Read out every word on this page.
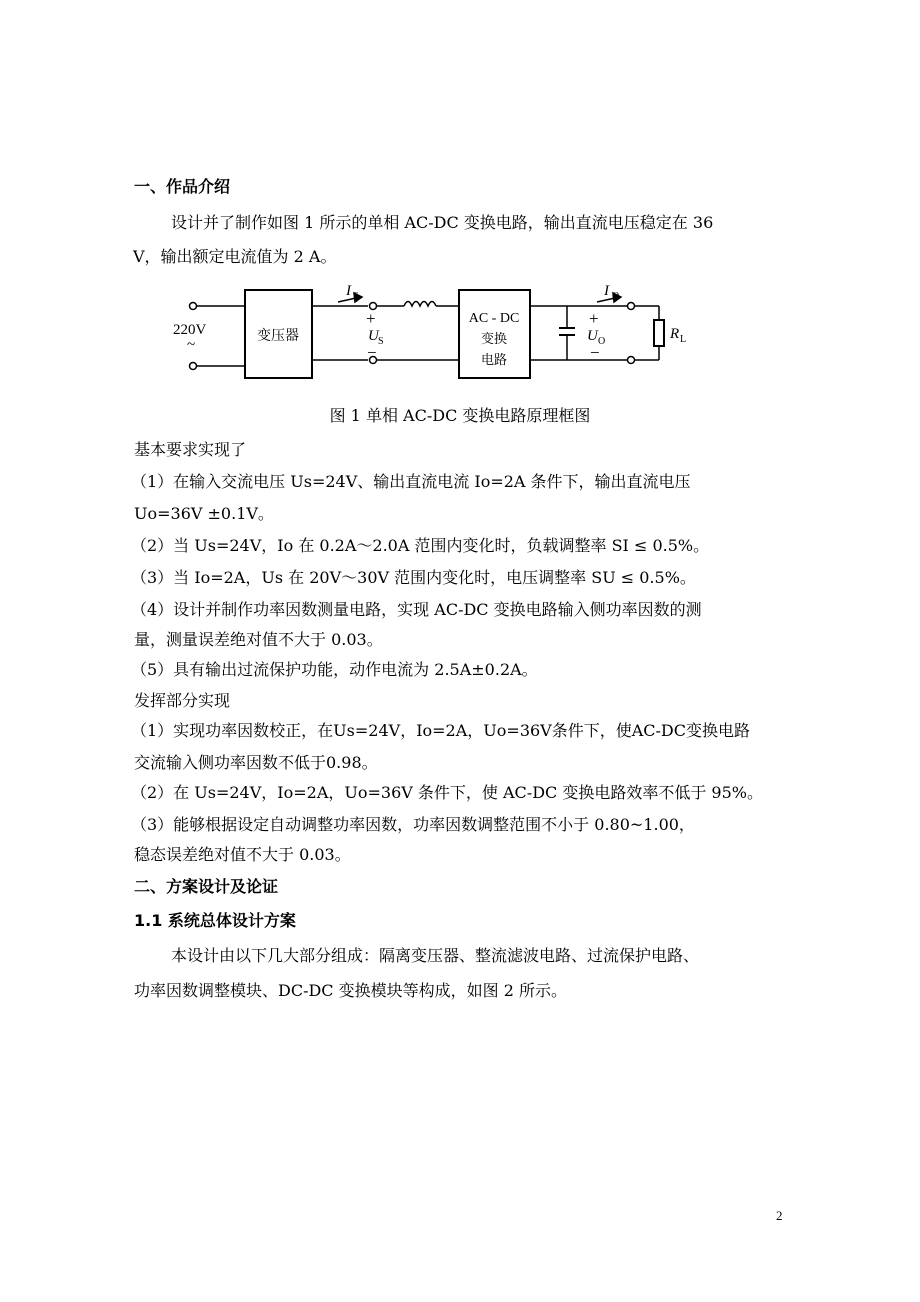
一、作品介绍
设计并了制作如图 1 所示的单相 AC-DC 变换电路，输出直流电压稳定在 36
V，输出额定电流值为 2 A。
220V
~
变压器
I S
+
U S
−
AC - DC
变换
电路
I O
+
U O
−
R L
图 1 单相 AC-DC 变换电路原理框图
基本要求实现了
（1）在输入交流电压 Us=24V、输出直流电流 Io=2A 条件下，输出直流电压
Uo=36V ±0.1V。
（2）当 Us=24V，Io 在 0.2A～2.0A 范围内变化时，负载调整率 SI ≤ 0.5%。
（3）当 Io=2A，Us 在 20V～30V 范围内变化时，电压调整率 SU ≤ 0.5%。
（4）设计并制作功率因数测量电路，实现 AC-DC 变换电路输入侧功率因数的测
量，测量误差绝对值不大于 0.03。
（5）具有输出过流保护功能，动作电流为 2.5A±0.2A。
发挥部分实现
（1）实现功率因数校正，在Us=24V，Io=2A，Uo=36V条件下，使AC-DC变换电路
交流输入侧功率因数不低于0.98。
（2）在 Us=24V，Io=2A，Uo=36V 条件下，使 AC-DC 变换电路效率不低于 95%。
（3）能够根据设定自动调整功率因数，功率因数调整范围不小于 0.80~1.00，
稳态误差绝对值不大于 0.03。
二、方案设计及论证
1.1 系统总体设计方案
本设计由以下几大部分组成：隔离变压器、整流滤波电路、过流保护电路、
功率因数调整模块、DC-DC 变换模块等构成，如图 2 所示。
2
